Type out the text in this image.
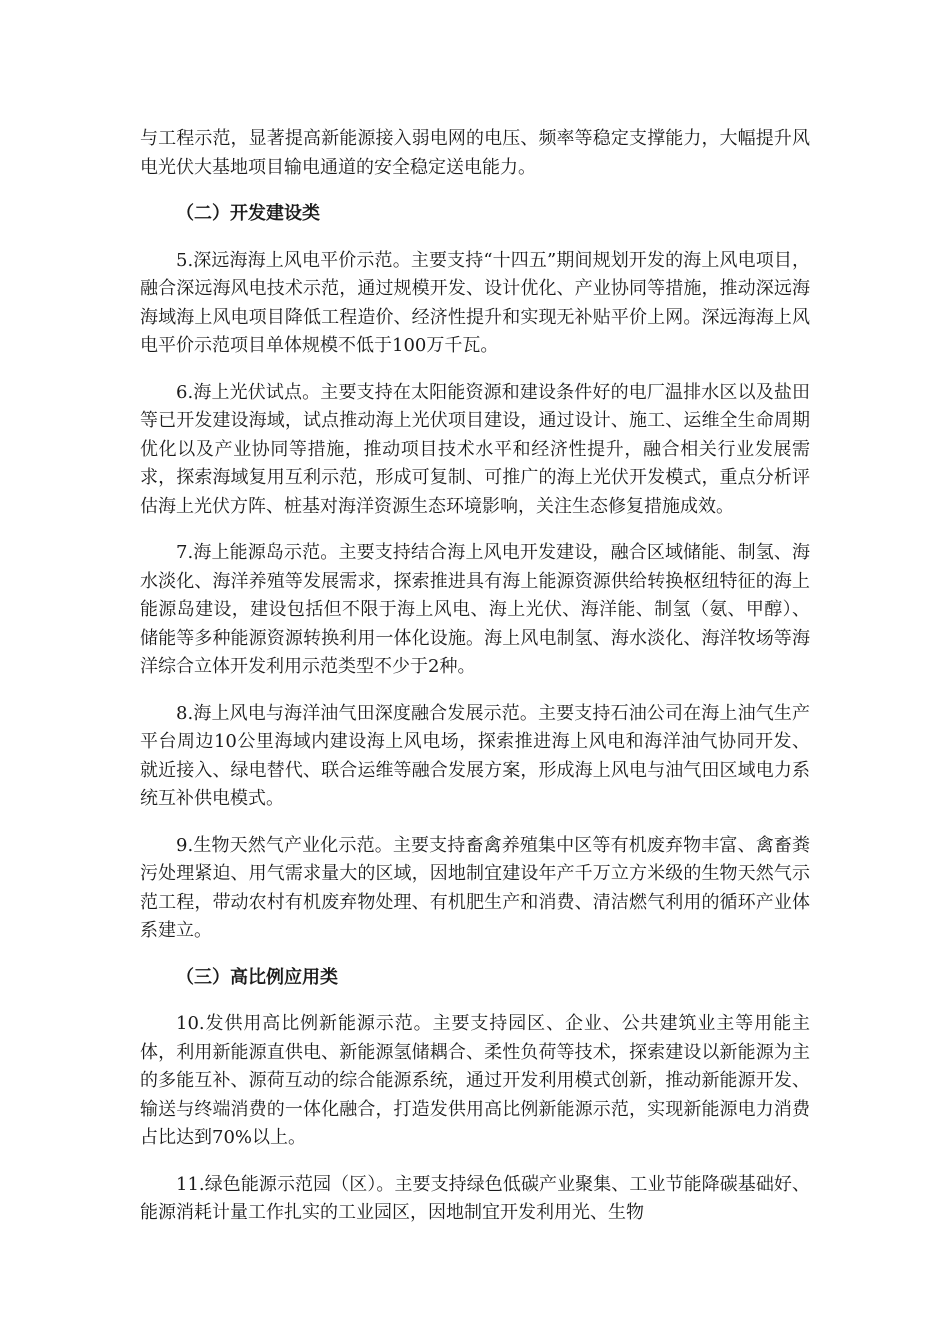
与工程示范，显著提高新能源接入弱电网的电压、频率等稳定支撑能力，大幅提升风电光伏大基地项目输电通道的安全稳定送电能力。

（二）开发建设类

5.深远海海上风电平价示范。主要支持“十四五”期间规划开发的海上风电项目，融合深远海风电技术示范，通过规模开发、设计优化、产业协同等措施，推动深远海海域海上风电项目降低工程造价、经济性提升和实现无补贴平价上网。深远海海上风电平价示范项目单体规模不低于100万千瓦。

6.海上光伏试点。主要支持在太阳能资源和建设条件好的电厂温排水区以及盐田等已开发建设海域，试点推动海上光伏项目建设，通过设计、施工、运维全生命周期优化以及产业协同等措施，推动项目技术水平和经济性提升，融合相关行业发展需求，探索海域复用互利示范，形成可复制、可推广的海上光伏开发模式，重点分析评估海上光伏方阵、桩基对海洋资源生态环境影响，关注生态修复措施成效。

7.海上能源岛示范。主要支持结合海上风电开发建设，融合区域储能、制氢、海水淡化、海洋养殖等发展需求，探索推进具有海上能源资源供给转换枢纽特征的海上能源岛建设，建设包括但不限于海上风电、海上光伏、海洋能、制氢（氨、甲醇）、储能等多种能源资源转换利用一体化设施。海上风电制氢、海水淡化、海洋牧场等海洋综合立体开发利用示范类型不少于2种。

8.海上风电与海洋油气田深度融合发展示范。主要支持石油公司在海上油气生产平台周边10公里海域内建设海上风电场，探索推进海上风电和海洋油气协同开发、就近接入、绿电替代、联合运维等融合发展方案，形成海上风电与油气田区域电力系统互补供电模式。

9.生物天然气产业化示范。主要支持畜禽养殖集中区等有机废弃物丰富、禽畜粪污处理紧迫、用气需求量大的区域，因地制宜建设年产千万立方米级的生物天然气示范工程，带动农村有机废弃物处理、有机肥生产和消费、清洁燃气利用的循环产业体系建立。

（三）高比例应用类

10.发供用高比例新能源示范。主要支持园区、企业、公共建筑业主等用能主体，利用新能源直供电、新能源氢储耦合、柔性负荷等技术，探索建设以新能源为主的多能互补、源荷互动的综合能源系统，通过开发利用模式创新，推动新能源开发、输送与终端消费的一体化融合，打造发供用高比例新能源示范，实现新能源电力消费占比达到70%以上。

11.绿色能源示范园（区）。主要支持绿色低碳产业聚集、工业节能降碳基础好、能源消耗计量工作扎实的工业园区，因地制宜开发利用光、生物
